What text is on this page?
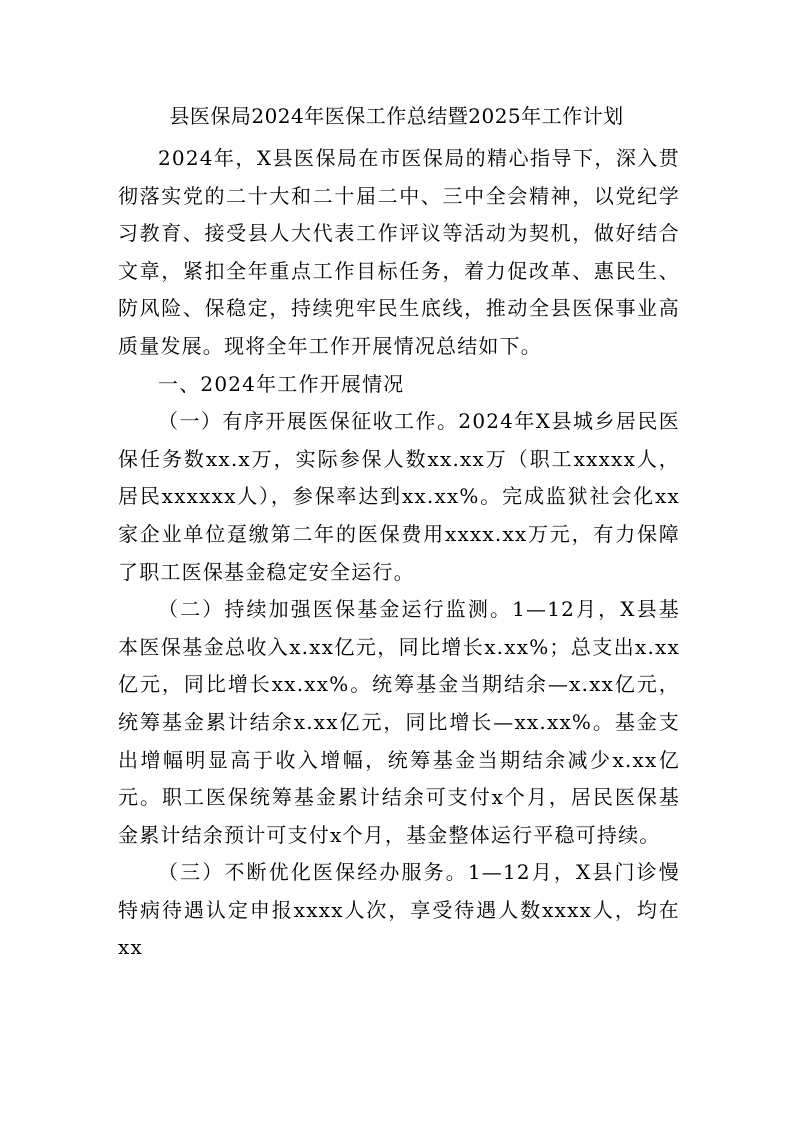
县医保局2024年医保工作总结暨2025年工作计划

2024年，X县医保局在市医保局的精心指导下，深入贯彻落实党的二十大和二十届二中、三中全会精神，以党纪学习教育、接受县人大代表工作评议等活动为契机，做好结合文章，紧扣全年重点工作目标任务，着力促改革、惠民生、防风险、保稳定，持续兜牢民生底线，推动全县医保事业高质量发展。现将全年工作开展情况总结如下。

一、2024年工作开展情况

（一）有序开展医保征收工作。2024年X县城乡居民医保任务数xx.x万，实际参保人数xx.xx万（职工xxxxx人，居民xxxxxx人），参保率达到xx.xx%。完成监狱社会化xx家企业单位趸缴第二年的医保费用xxxx.xx万元，有力保障了职工医保基金稳定安全运行。

（二）持续加强医保基金运行监测。1—12月，X县基本医保基金总收入x.xx亿元，同比增长x.xx%；总支出x.xx亿元，同比增长xx.xx%。统筹基金当期结余—x.xx亿元，统筹基金累计结余x.xx亿元，同比增长—xx.xx%。基金支出增幅明显高于收入增幅，统筹基金当期结余减少x.xx亿元。职工医保统筹基金累计结余可支付x个月，居民医保基金累计结余预计可支付x个月，基金整体运行平稳可持续。

（三）不断优化医保经办服务。1—12月，X县门诊慢特病待遇认定申报xxxx人次，享受待遇人数xxxx人，均在xx
